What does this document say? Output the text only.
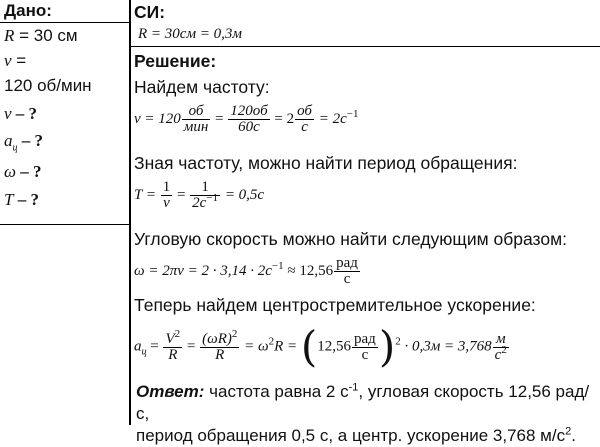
Дано:
R = 30 см
ν =
120 об/мин
ν – ?
$a_ц$ – ?
ω – ?
T – ?
СИ:
R = 30см = 0,3м
Решение:
Найдем частоту:
$\nu = 120 \frac{об}{\text{мин}} = \frac{120об}{60с} = 2 \frac{об}{с} = 2с^{-1}$
Зная частоту, можно найти период обращения:
$T = \frac{1}{\nu} = \frac{1}{2с^{-1}} = 0,5с$
Угловую скорость можно найти следующим образом:
$\omega = 2\pi\nu = 2 \cdot 3,14 \cdot 2с^{-1} \approx 12,56 \frac{\text{рад}}{с}$
Теперь найдем центростремительное ускорение:
$a_ц = \frac{V^2}{R} = \frac{(\omega R)^2}{R} = \omega^2R = (12,56 \frac{\text{рад}}{с} )^2 \cdot 0,3м = 3,768 \frac{м}{с^2}$
Ответ: частота равна 2 $с^{-1}$, угловая скорость 12,56 рад/с,
период обращения 0,5 с, а центр. ускорение 3,768 $м/с^2$.
